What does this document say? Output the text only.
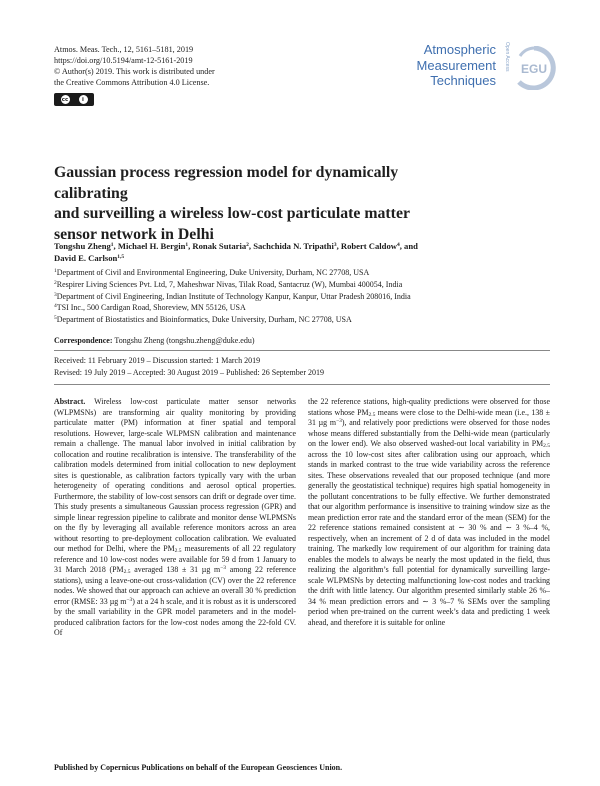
Atmos. Meas. Tech., 12, 5161–5181, 2019
https://doi.org/10.5194/amt-12-5161-2019
© Author(s) 2019. This work is distributed under
the Creative Commons Attribution 4.0 License.
cc	i
Atmospheric
Measurement
Techniques
Open Access EGU
Gaussian process regression model for dynamically calibrating
and surveilling a wireless low-cost particulate matter
sensor network in Delhi
Tongshu Zheng$^1$, Michael H. Bergin$^1$, Ronak Sutaria$^2$, Sachchida N. Tripathi$^3$, Robert Caldow$^4$, and
David E. Carlson$^{1,5}$
$^1$Department of Civil and Environmental Engineering, Duke University, Durham, NC 27708, USA
$^2$Respirer Living Sciences Pvt. Ltd, 7, Maheshwar Nivas, Tilak Road, Santacruz (W), Mumbai 400054, India
$^3$Department of Civil Engineering, Indian Institute of Technology Kanpur, Kanpur, Uttar Pradesh 208016, India
$^4$TSI Inc., 500 Cardigan Road, Shoreview, MN 55126, USA
$^5$Department of Biostatistics and Bioinformatics, Duke University, Durham, NC 27708, USA
Correspondence: Tongshu Zheng (tongshu.zheng@duke.edu)
Received: 11 February 2019 – Discussion started: 1 March 2019
Revised: 19 July 2019 – Accepted: 30 August 2019 – Published: 26 September 2019

Abstract. Wireless low-cost particulate matter sensor networks (WLPMSNs) are transforming air quality monitoring by providing particulate matter (PM) information at finer spatial and temporal resolutions. However, large-scale WLPMSN calibration and maintenance remain a challenge. The manual labor involved in initial calibration by collocation and routine recalibration is intensive. The transferability of the calibration models determined from initial collocation to new deployment sites is questionable, as calibration factors typically vary with the urban heterogeneity of operating conditions and aerosol optical properties. Furthermore, the stability of low-cost sensors can drift or degrade over time. This study presents a simultaneous Gaussian process regression (GPR) and simple linear regression pipeline to calibrate and monitor dense WLPMSNs on the fly by leveraging all available reference monitors across an area without resorting to pre-deployment collocation calibration. We evaluated our method for Delhi, where the $PM_{2.5}$ measurements of all 22 regulatory reference and 10 low-cost nodes were available for 59 d from 1 January to 31 March 2018 ($PM_{2.5}$ averaged 138 ± 31 µg $m^{-3}$ among 22 reference stations), using a leave-one-out cross-validation (CV) over the 22 reference nodes. We showed that our approach can achieve an overall 30 % prediction error (RMSE: 33 µg $m^{-3}$) at a 24 h scale, and it is robust as it is underscored by the small variability in the GPR model parameters and in the model-produced calibration factors for the low-cost nodes among the 22-fold CV. Of

the 22 reference stations, high-quality predictions were observed for those stations whose $PM_{2.5}$ means were close to the Delhi-wide mean (i.e., 138 ± 31 µg $m^{-3}$), and relatively poor predictions were observed for those nodes whose means differed substantially from the Delhi-wide mean (particularly on the lower end). We also observed washed-out local variability in $PM_{2.5}$ across the 10 low-cost sites after calibration using our approach, which stands in marked contrast to the true wide variability across the reference sites. These observations revealed that our proposed technique (and more generally the geostatistical technique) requires high spatial homogeneity in the pollutant concentrations to be fully effective. We further demonstrated that our algorithm performance is insensitive to training window size as the mean prediction error rate and the standard error of the mean (SEM) for the 22 reference stations remained consistent at ∼ 30 % and ∼ 3 %–4 %, respectively, when an increment of 2 d of data was included in the model training. The markedly low requirement of our algorithm for training data enables the models to always be nearly the most updated in the field, thus realizing the algorithm’s full potential for dynamically surveilling large-scale WLPMSNs by detecting malfunctioning low-cost nodes and tracking the drift with little latency. Our algorithm presented similarly stable 26 %–34 % mean prediction errors and ∼ 3 %–7 % SEMs over the sampling period when pre-trained on the current week’s data and predicting 1 week ahead, and therefore it is suitable for online

Published by Copernicus Publications on behalf of the European Geosciences Union.
